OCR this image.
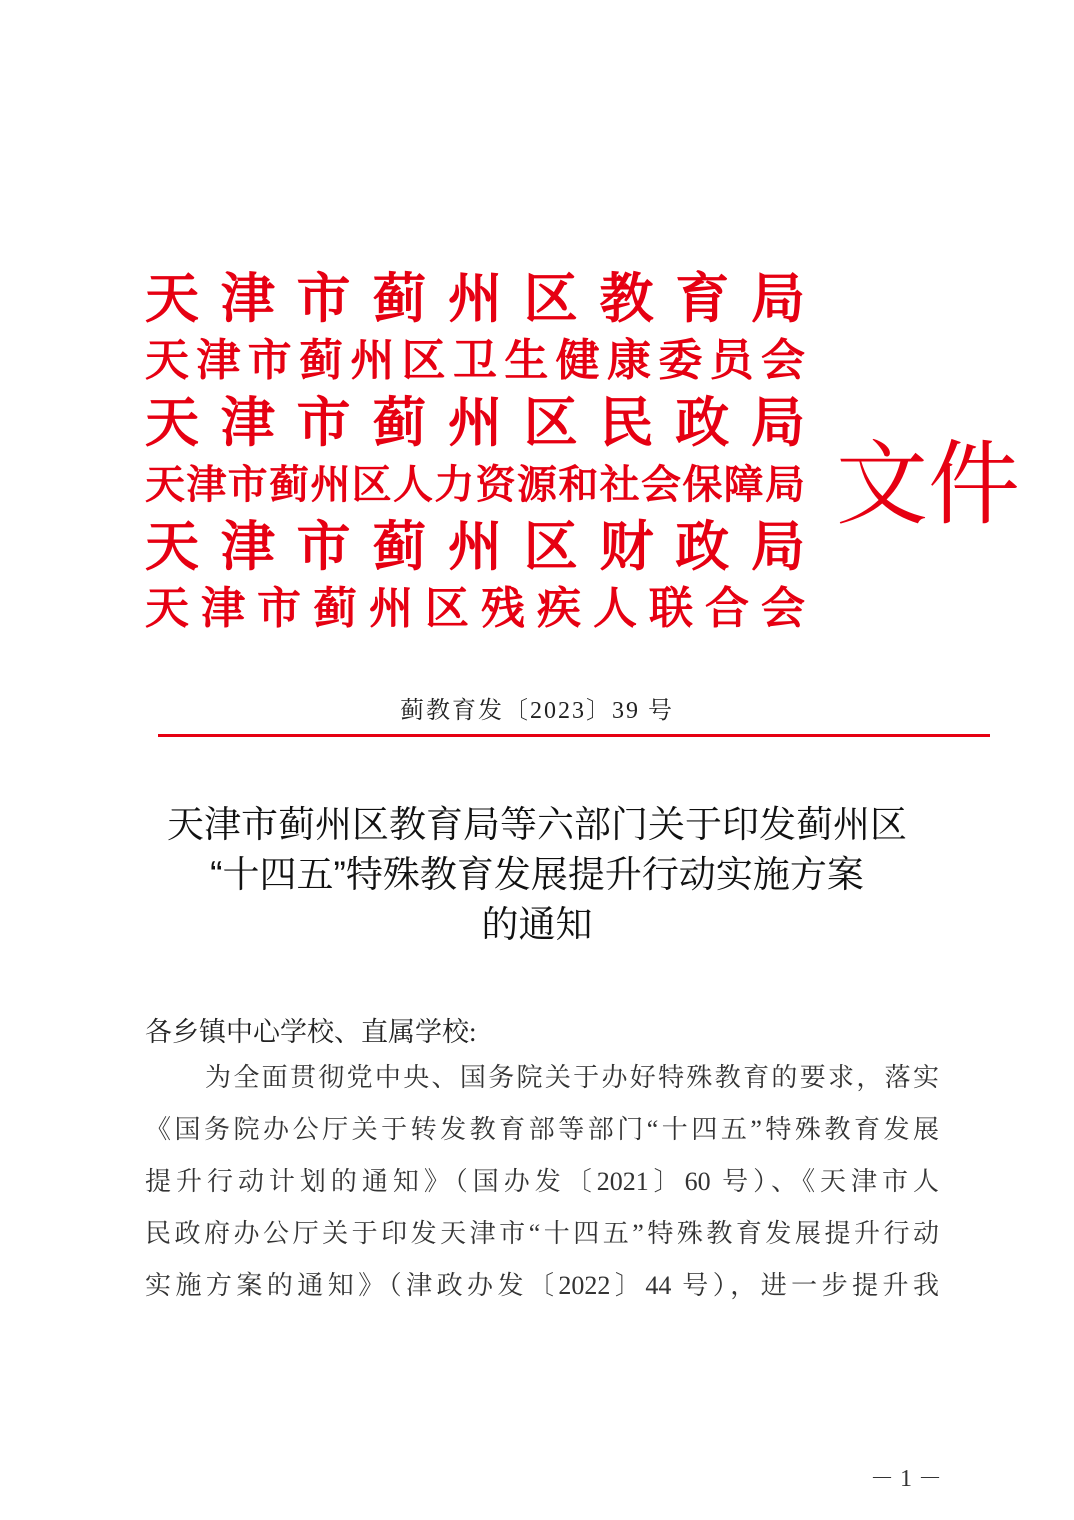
天津市蓟州区教育局
天津市蓟州区卫生健康委员会
天津市蓟州区民政局
天津市蓟州区人力资源和社会保障局
天津市蓟州区财政局
天津市蓟州区残疾人联合会
文件
蓟教育发〔2023〕39 号
天津市蓟州区教育局等六部门关于印发蓟州区
“十四五”特殊教育发展提升行动实施方案
的通知
各乡镇中心学校、直属学校:
为全面贯彻党中央、国务院关于办好特殊教育的要求，落实
《国务院办公厅关于转发教育部等部门“十四五”特殊教育发展
提升行动计划的通知》（国办发〔2021〕60 号）、《天津市人
民政府办公厅关于印发天津市“十四五”特殊教育发展提升行动
实施方案的通知》（津政办发〔2022〕44 号），进一步提升我
－ 1 －
